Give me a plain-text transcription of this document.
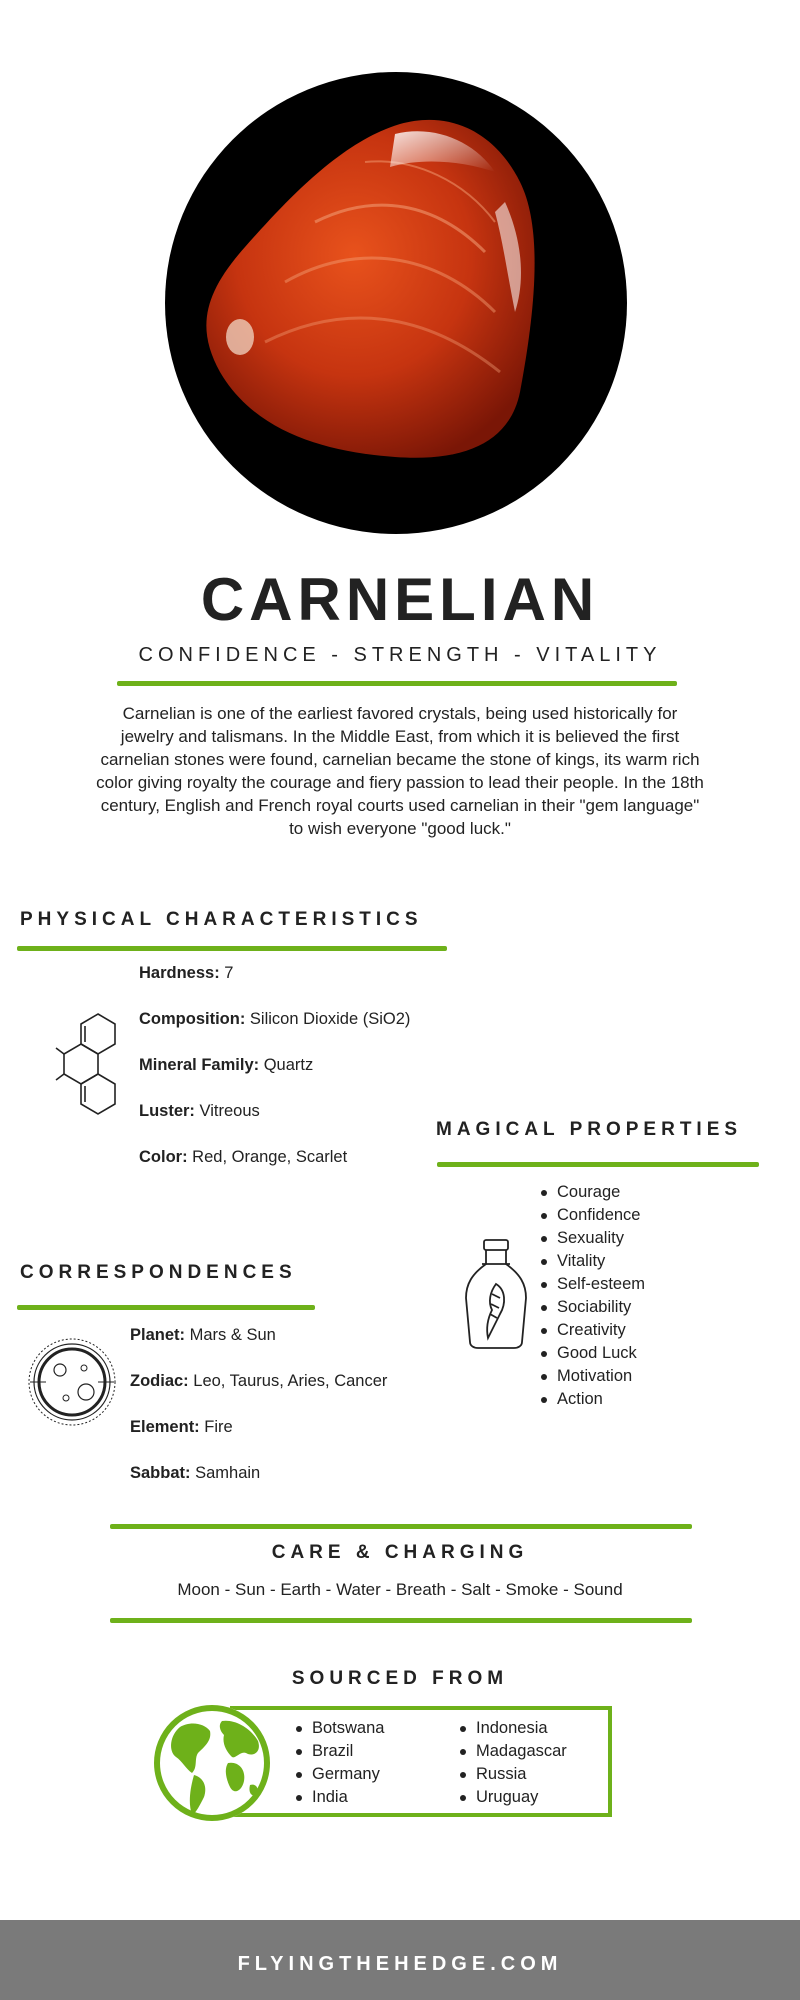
CARNELIAN
CONFIDENCE - STRENGTH - VITALITY
Carnelian is one of the earliest favored crystals, being used historically for jewelry and talismans. In the Middle East, from which it is believed the first carnelian stones were found, carnelian became the stone of kings, its warm rich color giving royalty the courage and fiery passion to lead their people. In the 18th century, English and French royal courts used carnelian in their "gem language" to wish everyone "good luck."
PHYSICAL CHARACTERISTICS
Hardness: 7
Composition: Silicon Dioxide (SiO2)
Mineral Family: Quartz
Luster: Vitreous
Color: Red, Orange, Scarlet
MAGICAL PROPERTIES
Courage
Confidence
Sexuality
Vitality
Self-esteem
Sociability
Creativity
Good Luck
Motivation
Action
CORRESPONDENCES
Planet: Mars & Sun
Zodiac: Leo, Taurus, Aries, Cancer
Element: Fire
Sabbat: Samhain
CARE & CHARGING
Moon - Sun - Earth - Water - Breath - Salt - Smoke - Sound
SOURCED FROM
Botswana
Brazil
Germany
India
Indonesia
Madagascar
Russia
Uruguay
FLYINGTHEHEDGE.COM
